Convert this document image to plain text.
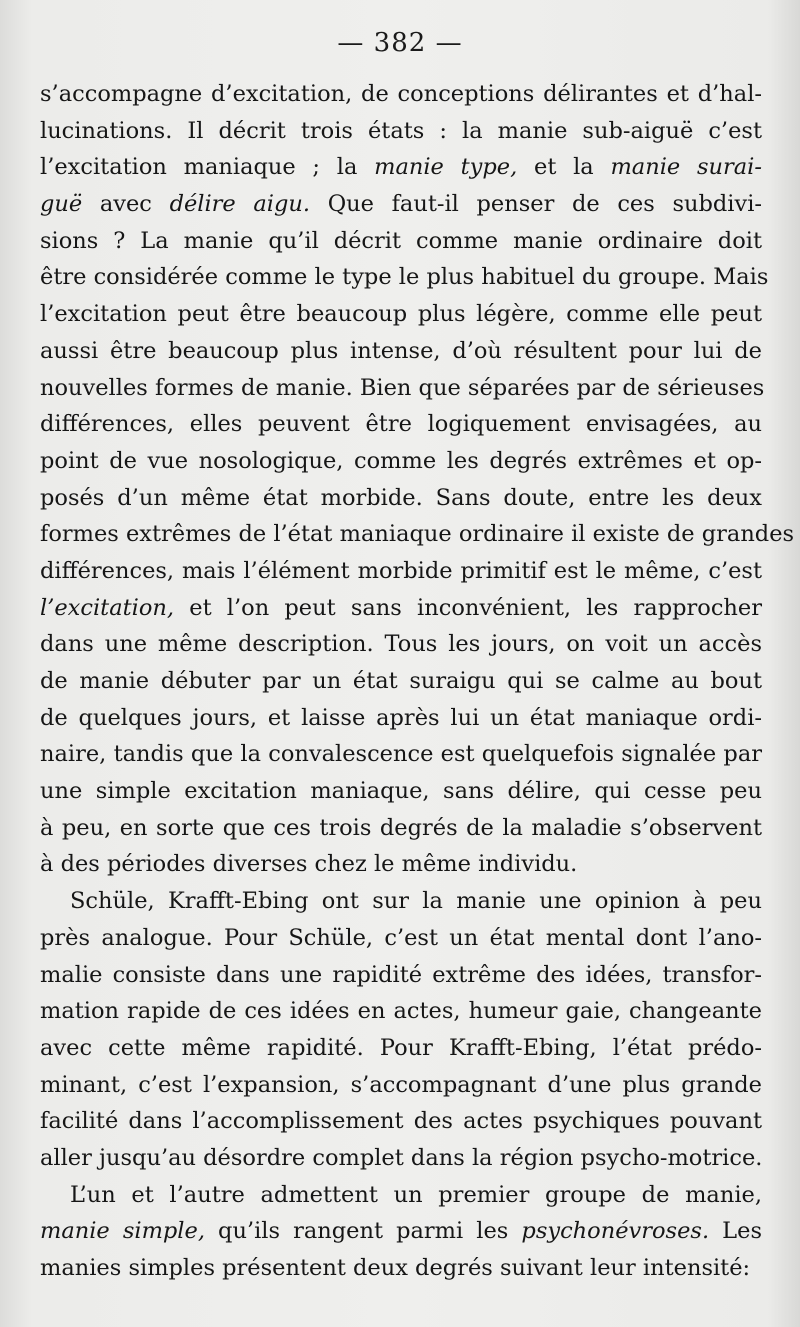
— 382 —
s’accompagne d’excitation, de conceptions délirantes et d’hal-
lucinations. Il décrit trois états : la manie sub-aiguë c’est
l’excitation maniaque ; la manie type, et la manie surai-
guë avec délire aigu. Que faut-il penser de ces subdivi-
sions ? La manie qu’il décrit comme manie ordinaire doit
être considérée comme le type le plus habituel du groupe. Mais
l’excitation peut être beaucoup plus légère, comme elle peut
aussi être beaucoup plus intense, d’où résultent pour lui de
nouvelles formes de manie. Bien que séparées par de sérieuses
différences, elles peuvent être logiquement envisagées, au
point de vue nosologique, comme les degrés extrêmes et op-
posés d’un même état morbide. Sans doute, entre les deux
formes extrêmes de l’état maniaque ordinaire il existe de grandes
différences, mais l’élément morbide primitif est le même, c’est
l’excitation, et l’on peut sans inconvénient, les rapprocher
dans une même description. Tous les jours, on voit un accès
de manie débuter par un état suraigu qui se calme au bout
de quelques jours, et laisse après lui un état maniaque ordi-
naire, tandis que la convalescence est quelquefois signalée par
une simple excitation maniaque, sans délire, qui cesse peu
à peu, en sorte que ces trois degrés de la maladie s’observent
à des périodes diverses chez le même individu.
Schüle, Krafft-Ebing ont sur la manie une opinion à peu
près analogue. Pour Schüle, c’est un état mental dont l’ano-
malie consiste dans une rapidité extrême des idées, transfor-
mation rapide de ces idées en actes, humeur gaie, changeante
avec cette même rapidité. Pour Krafft-Ebing, l’état prédo-
minant, c’est l’expansion, s’accompagnant d’une plus grande
facilité dans l’accomplissement des actes psychiques pouvant
aller jusqu’au désordre complet dans la région psycho-motrice.
L’un et l’autre admettent un premier groupe de manie,
manie simple, qu’ils rangent parmi les psychonévroses. Les
manies simples présentent deux degrés suivant leur intensité:
